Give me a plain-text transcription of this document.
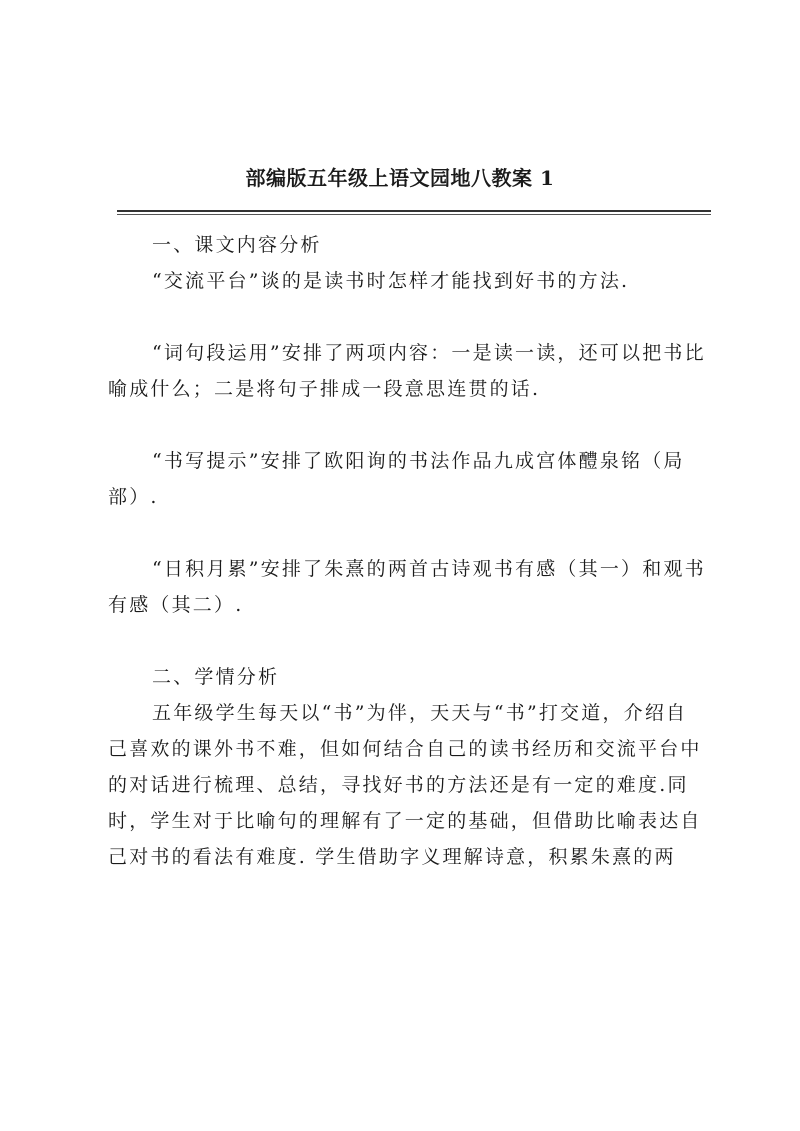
部编版五年级上语文园地八教案 1

一、课文内容分析

“交流平台”谈的是读书时怎样才能找到好书的方法.

“词句段运用”安排了两项内容：一是读一读，还可以把书比喻成什么；二是将句子排成一段意思连贯的话.

“书写提示”安排了欧阳询的书法作品九成宫体醴泉铭（局部）.

“日积月累”安排了朱熹的两首古诗观书有感（其一）和观书有感（其二）.

二、学情分析

五年级学生每天以“书”为伴，天天与“书”打交道，介绍自己喜欢的课外书不难，但如何结合自己的读书经历和交流平台中的对话进行梳理、总结，寻找好书的方法还是有一定的难度.同时，学生对于比喻句的理解有了一定的基础，但借助比喻表达自己对书的看法有难度. 学生借助字义理解诗意，积累朱熹的两
